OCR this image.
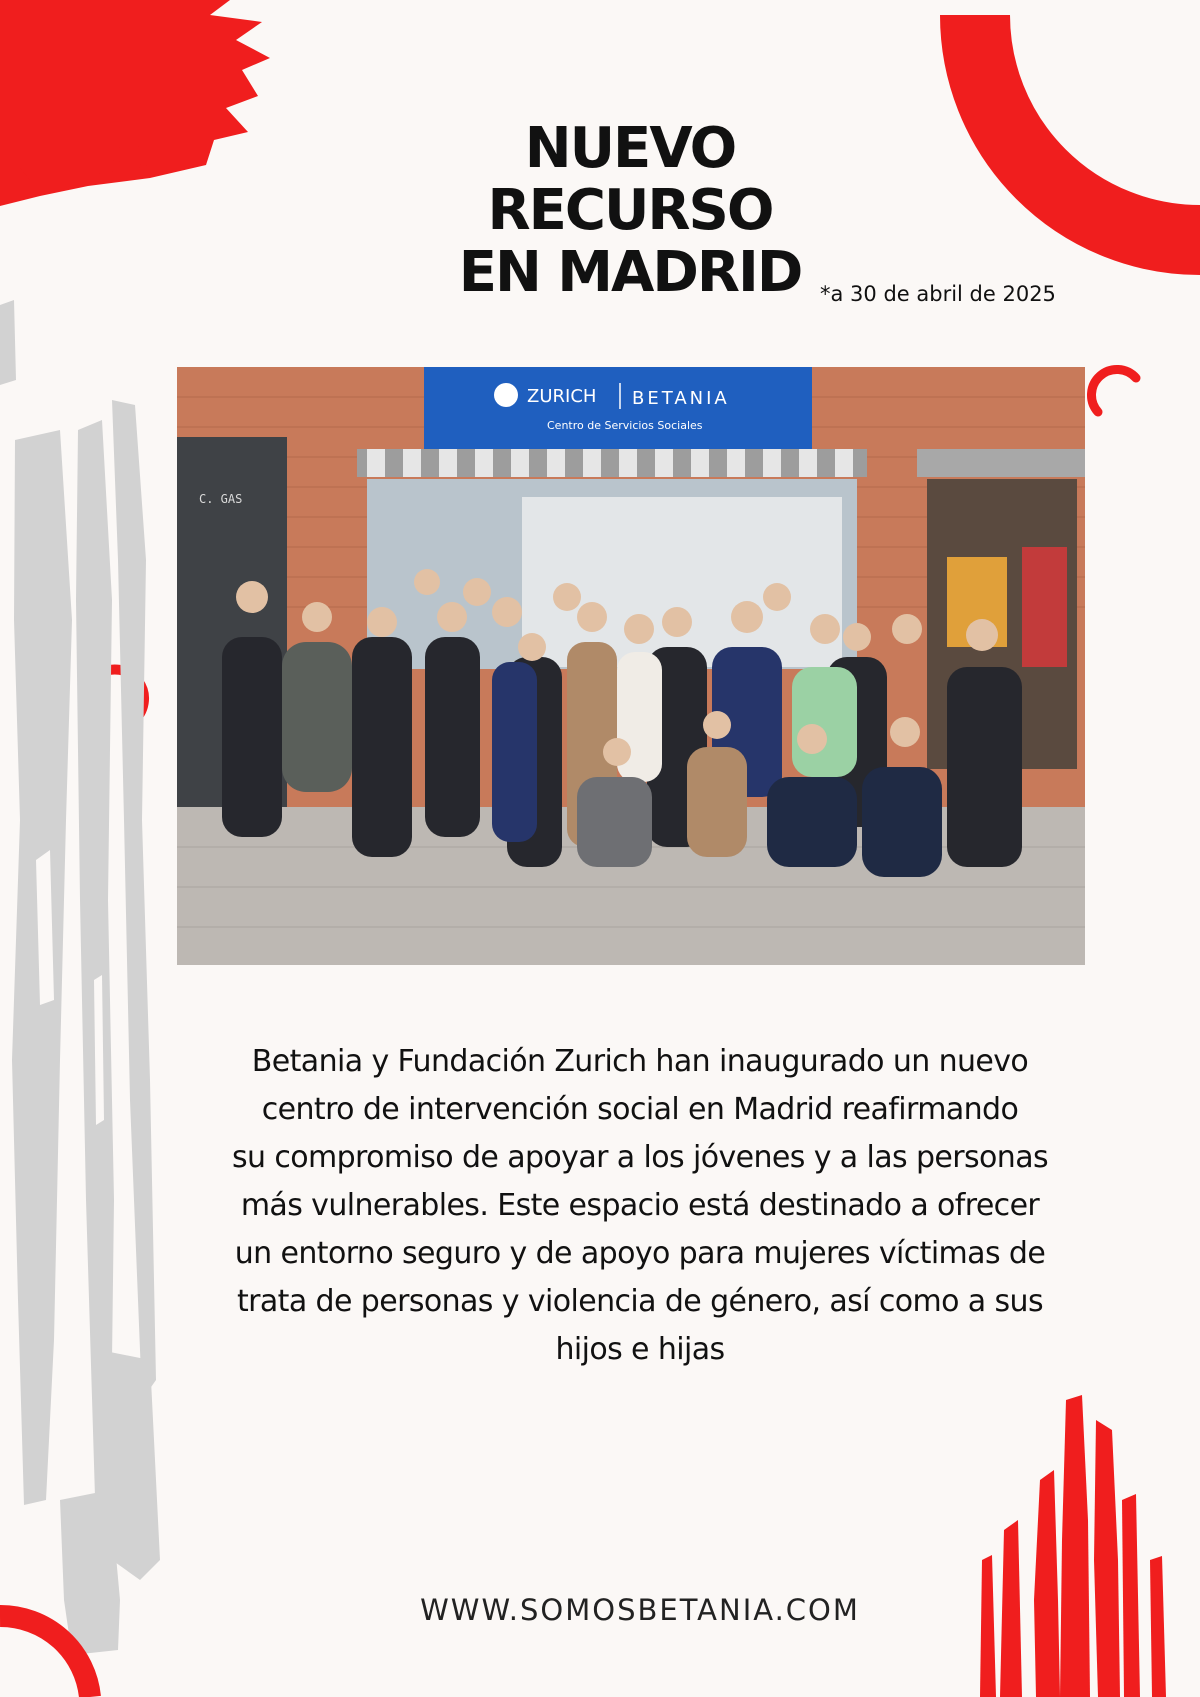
NUEVO
RECURSO
EN MADRID *a 30 de abril de 2025
C. GAS
ZURICH BETANIA
Centro de Servicios Sociales

Betania y Fundación Zurich han inaugurado un nuevo
centro de intervención social en Madrid reafirmando
su compromiso de apoyar a los jóvenes y a las personas
más vulnerables. Este espacio está destinado a ofrecer
un entorno seguro y de apoyo para mujeres víctimas de
trata de personas y violencia de género, así como a sus
hijos e hijas

WWW.SOMOSBETANIA.COM
